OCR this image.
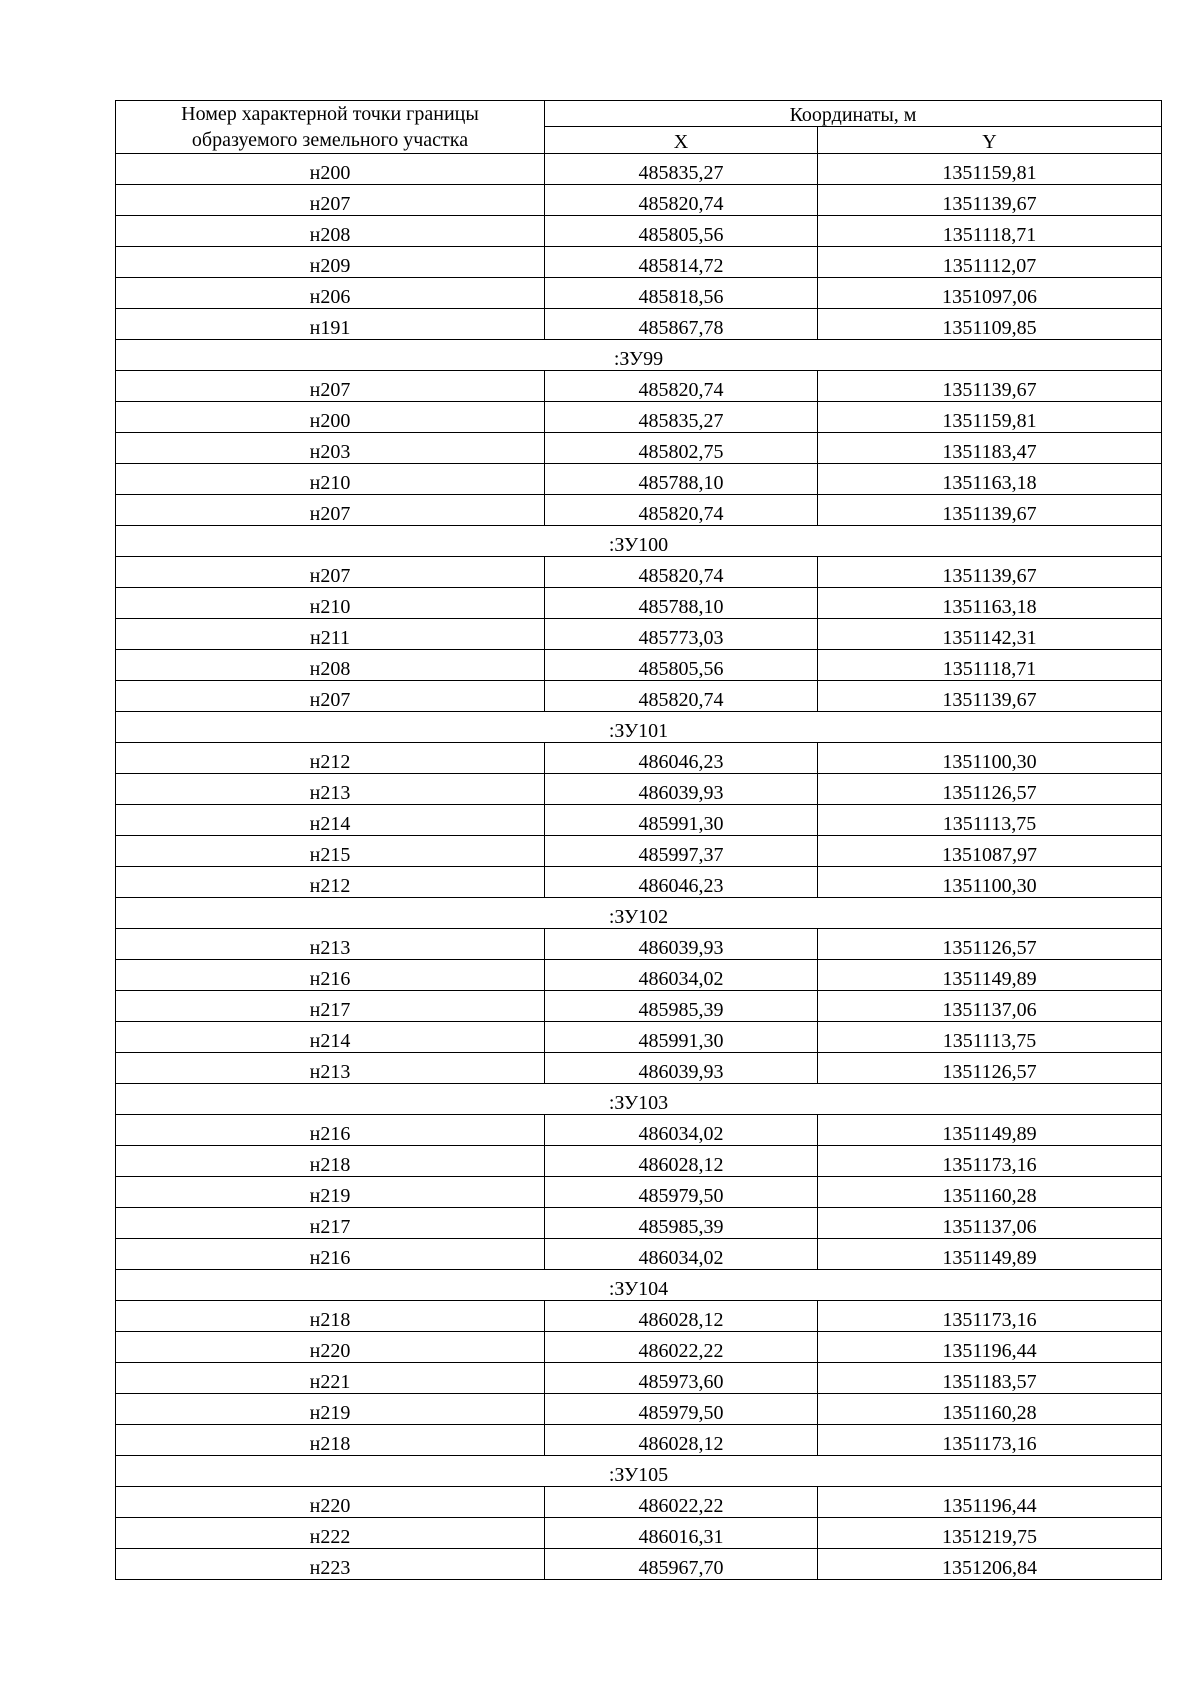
Номер характерной точки границы образуемого земельного участка	Координаты, м	
	X	Y
н200	485835,27	1351159,81
н207	485820,74	1351139,67
н208	485805,56	1351118,71
н209	485814,72	1351112,07
н206	485818,56	1351097,06
н191	485867,78	1351109,85
:ЗУ99		
н207	485820,74	1351139,67
н200	485835,27	1351159,81
н203	485802,75	1351183,47
н210	485788,10	1351163,18
н207	485820,74	1351139,67
:ЗУ100		
н207	485820,74	1351139,67
н210	485788,10	1351163,18
н211	485773,03	1351142,31
н208	485805,56	1351118,71
н207	485820,74	1351139,67
:ЗУ101		
н212	486046,23	1351100,30
н213	486039,93	1351126,57
н214	485991,30	1351113,75
н215	485997,37	1351087,97
н212	486046,23	1351100,30
:ЗУ102		
н213	486039,93	1351126,57
н216	486034,02	1351149,89
н217	485985,39	1351137,06
н214	485991,30	1351113,75
н213	486039,93	1351126,57
:ЗУ103		
н216	486034,02	1351149,89
н218	486028,12	1351173,16
н219	485979,50	1351160,28
н217	485985,39	1351137,06
н216	486034,02	1351149,89
:ЗУ104		
н218	486028,12	1351173,16
н220	486022,22	1351196,44
н221	485973,60	1351183,57
н219	485979,50	1351160,28
н218	486028,12	1351173,16
:ЗУ105		
н220	486022,22	1351196,44
н222	486016,31	1351219,75
н223	485967,70	1351206,84
